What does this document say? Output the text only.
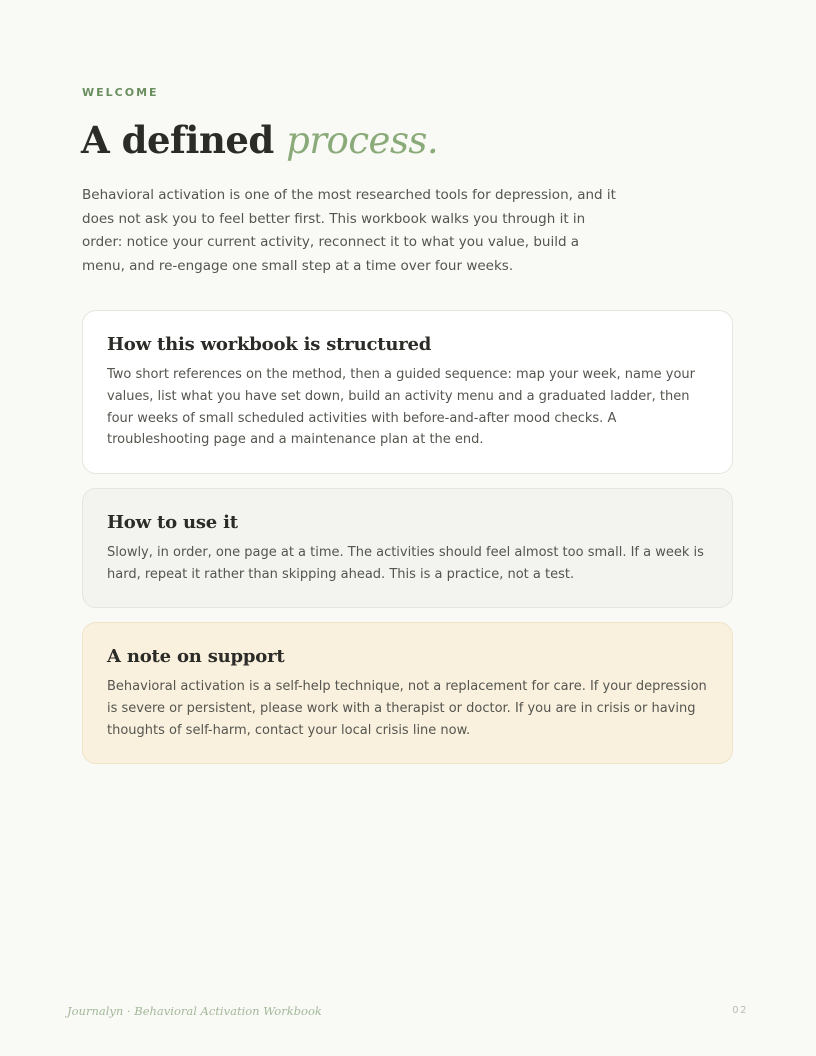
WELCOME
A defined process.

Behavioral activation is one of the most researched tools for depression, and it does not ask you to feel better first. This workbook walks you through it in order: notice your current activity, reconnect it to what you value, build a menu, and re-engage one small step at a time over four weeks.

How this workbook is structured

Two short references on the method, then a guided sequence: map your week, name your values, list what you have set down, build an activity menu and a graduated ladder, then four weeks of small scheduled activities with before-and-after mood checks. A troubleshooting page and a maintenance plan at the end.

How to use it

Slowly, in order, one page at a time. The activities should feel almost too small. If a week is hard, repeat it rather than skipping ahead. This is a practice, not a test.

A note on support

Behavioral activation is a self-help technique, not a replacement for care. If your depression is severe or persistent, please work with a therapist or doctor. If you are in crisis or having thoughts of self-harm, contact your local crisis line now.

Journalyn · Behavioral Activation Workbook	02
